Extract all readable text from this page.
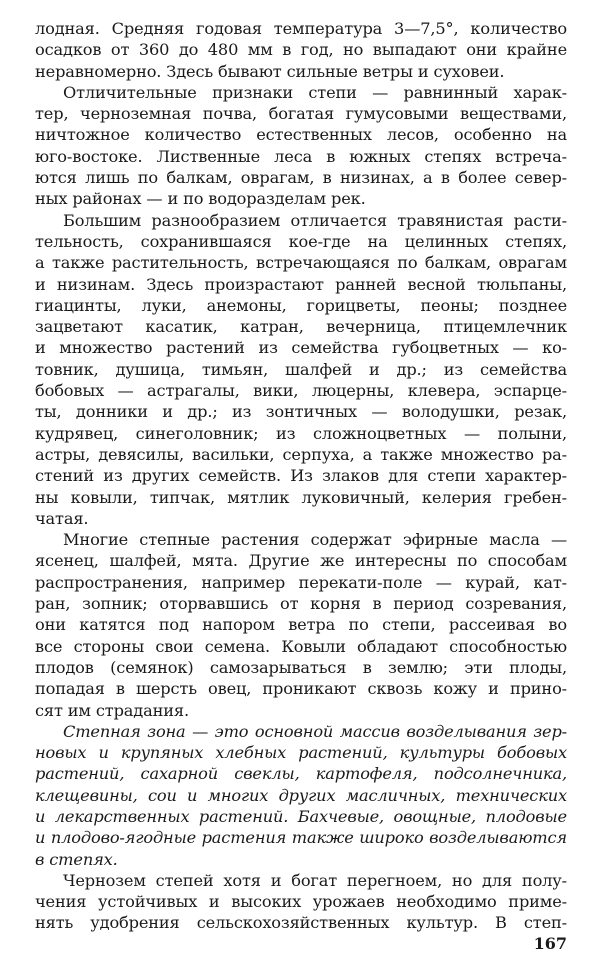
лодная. Средняя годовая температура 3—7,5°, количество
осадков от 360 до 480 мм в год, но выпадают они крайне
неравномерно. Здесь бывают сильные ветры и суховеи.
Отличительные признаки степи — равнинный харак-
тер, черноземная почва, богатая гумусовыми веществами,
ничтожное количество естественных лесов, особенно на
юго-востоке. Лиственные леса в южных степях встреча-
ются лишь по балкам, оврагам, в низинах, а в более север-
ных районах — и по водоразделам рек.
Большим разнообразием отличается травянистая расти-
тельность, сохранившаяся кое-где на целинных степях,
а также растительность, встречающаяся по балкам, оврагам
и низинам. Здесь произрастают ранней весной тюльпаны,
гиацинты, луки, анемоны, горицветы, пеоны; позднее
зацветают касатик, катран, вечерница, птицемлечник
и множество растений из семейства губоцветных — ко-
товник, душица, тимьян, шалфей и др.; из семейства
бобовых — астрагалы, вики, люцерны, клевера, эспарце-
ты, донники и др.; из зонтичных — володушки, резак,
кудрявец, синеголовник; из сложноцветных — полыни,
астры, девясилы, васильки, серпуха, а также множество ра-
стений из других семейств. Из злаков для степи характер-
ны ковыли, типчак, мятлик луковичный, келерия гребен-
чатая.
Многие степные растения содержат эфирные масла —
ясенец, шалфей, мята. Другие же интересны по способам
распространения, например перекати-поле — курай, кат-
ран, зопник; оторвавшись от корня в период созревания,
они катятся под напором ветра по степи, рассеивая во
все стороны свои семена. Ковыли обладают способностью
плодов (семянок) самозарываться в землю; эти плоды,
попадая в шерсть овец, проникают сквозь кожу и прино-
сят им страдания.
Степная зона — это основной массив возделывания зер-
новых и крупяных хлебных растений, культуры бобовых
растений, сахарной свеклы, картофеля, подсолнечника,
клещевины, сои и многих других масличных, технических
и лекарственных растений. Бахчевые, овощные, плодовые
и плодово-ягодные растения также широко возделываются
в степях.
Чернозем степей хотя и богат перегноем, но для полу-
чения устойчивых и высоких урожаев необходимо приме-
нять удобрения сельскохозяйственных культур. В степ-
167
